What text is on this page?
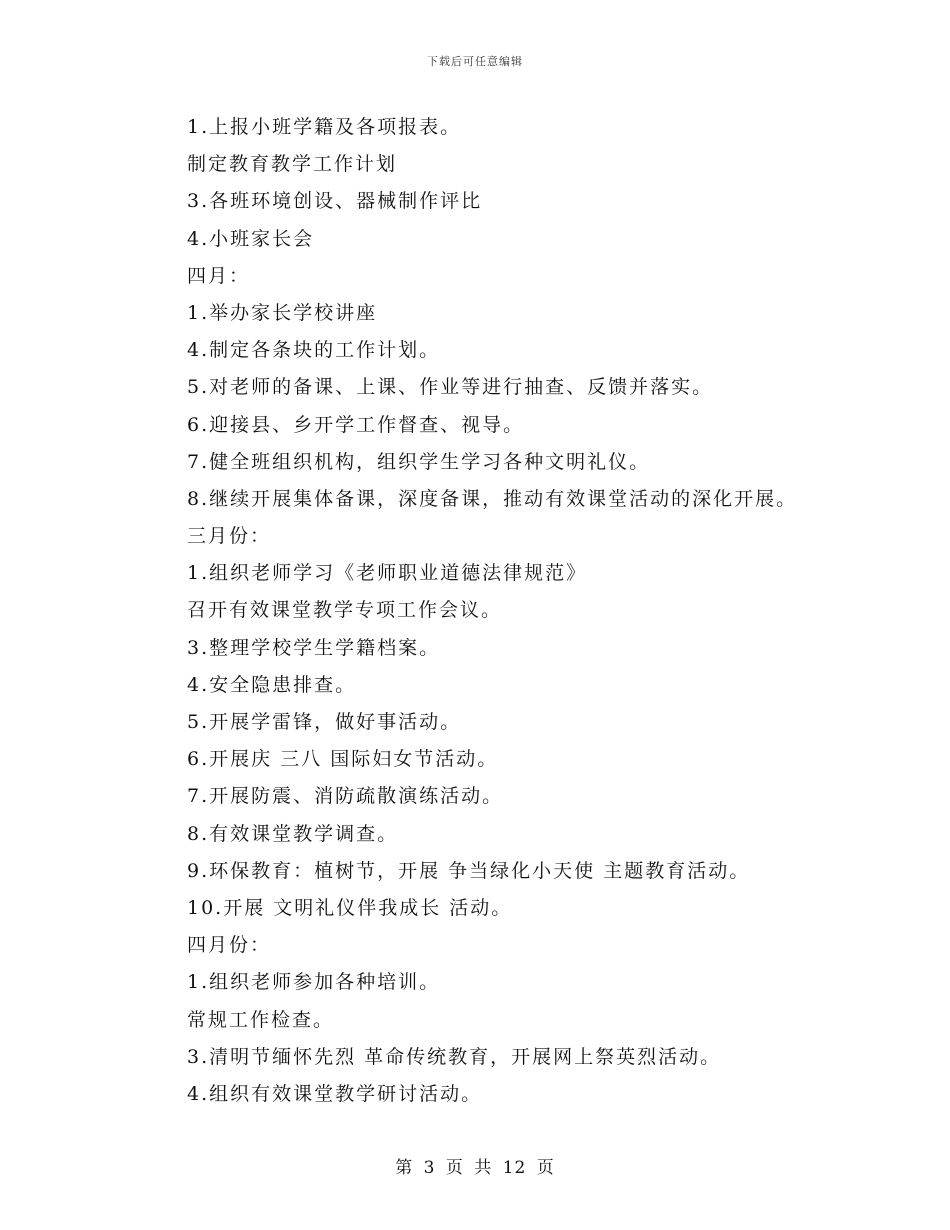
下载后可任意编辑
1.上报小班学籍及各项报表。
制定教育教学工作计划
3.各班环境创设、器械制作评比
4.小班家长会
四月：
1.举办家长学校讲座
4.制定各条块的工作计划。
5.对老师的备课、上课、作业等进行抽查、反馈并落实。
6.迎接县、乡开学工作督查、视导。
7.健全班组织机构，组织学生学习各种文明礼仪。
8.继续开展集体备课，深度备课，推动有效课堂活动的深化开展。
三月份：
1.组织老师学习《老师职业道德法律规范》
召开有效课堂教学专项工作会议。
3.整理学校学生学籍档案。
4.安全隐患排查。
5.开展学雷锋，做好事活动。
6.开展庆 三八 国际妇女节活动。
7.开展防震、消防疏散演练活动。
8.有效课堂教学调查。
9.环保教育：植树节，开展 争当绿化小天使 主题教育活动。
10.开展 文明礼仪伴我成长 活动。
四月份：
1.组织老师参加各种培训。
常规工作检查。
3.清明节缅怀先烈 革命传统教育，开展网上祭英烈活动。
4.组织有效课堂教学研讨活动。
第 3 页 共 12 页
